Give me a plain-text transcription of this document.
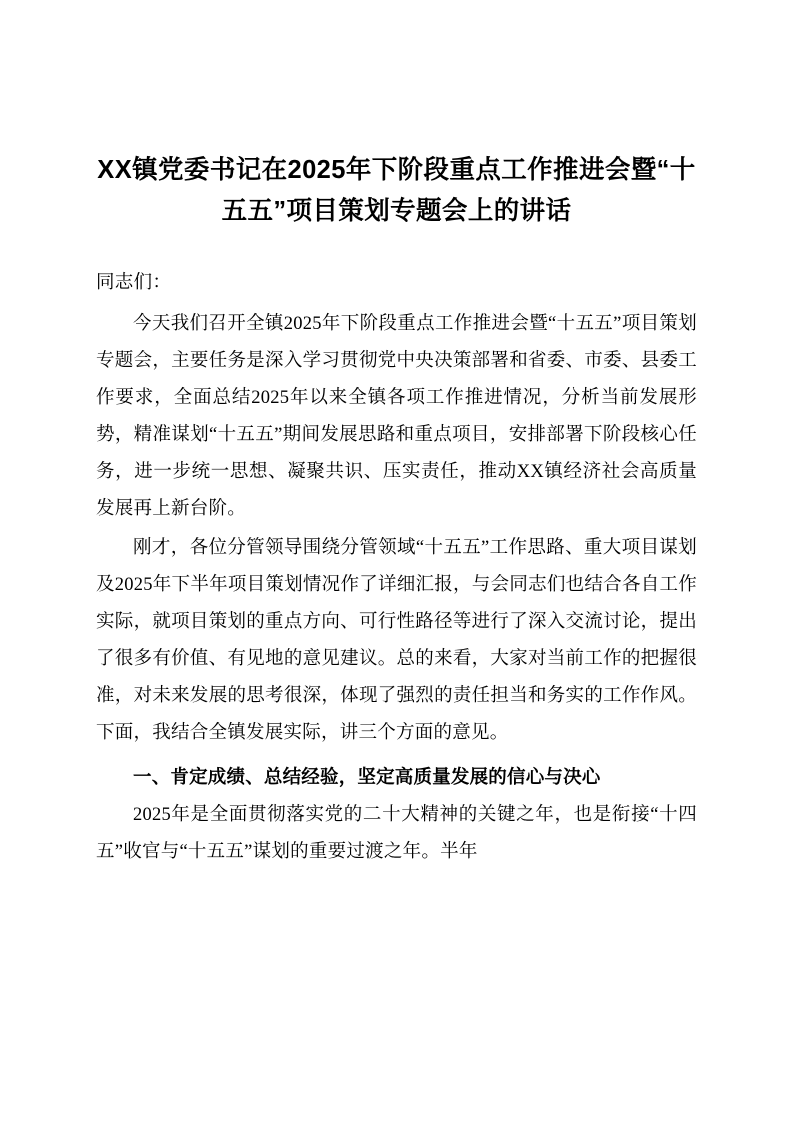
XX镇党委书记在2025年下阶段重点工作推进会暨“十五五”项目策划专题会上的讲话

同志们：

今天我们召开全镇2025年下阶段重点工作推进会暨“十五五”项目策划专题会，主要任务是深入学习贯彻党中央决策部署和省委、市委、县委工作要求，全面总结2025年以来全镇各项工作推进情况，分析当前发展形势，精准谋划“十五五”期间发展思路和重点项目，安排部署下阶段核心任务，进一步统一思想、凝聚共识、压实责任，推动XX镇经济社会高质量发展再上新台阶。

刚才，各位分管领导围绕分管领域“十五五”工作思路、重大项目谋划及2025年下半年项目策划情况作了详细汇报，与会同志们也结合各自工作实际，就项目策划的重点方向、可行性路径等进行了深入交流讨论，提出了很多有价值、有见地的意见建议。总的来看，大家对当前工作的把握很准，对未来发展的思考很深，体现了强烈的责任担当和务实的工作作风。下面，我结合全镇发展实际，讲三个方面的意见。

一、肯定成绩、总结经验，坚定高质量发展的信心与决心

2025年是全面贯彻落实党的二十大精神的关键之年，也是衔接“十四五”收官与“十五五”谋划的重要过渡之年。半年
